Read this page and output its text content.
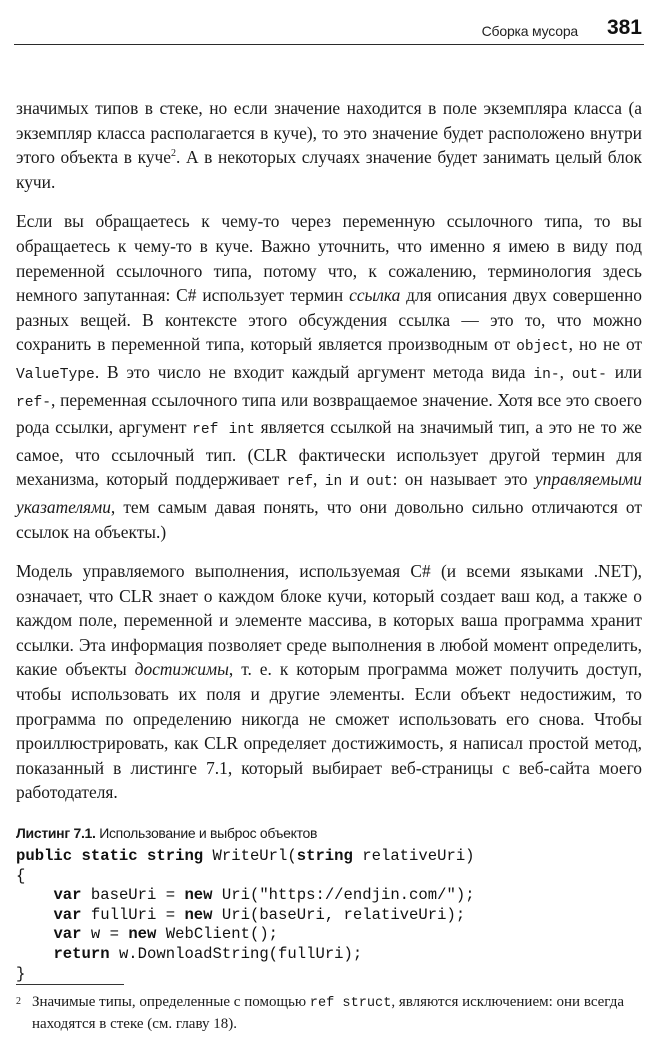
Сборка мусора 381

значимых типов в стеке, но если значение находится в поле экземпляра класса (а экземпляр класса располагается в куче), то это значение будет расположено внутри этого объекта в куче$^2$. А в некоторых случаях значение будет занимать целый блок кучи.

Если вы обращаетесь к чему-то через переменную ссылочного типа, то вы обращаетесь к чему-то в куче. Важно уточнить, что именно я имею в виду под переменной ссылочного типа, потому что, к сожалению, терминология здесь немного запутанная: C# использует термин ссылка для описания двух совершенно разных вещей. В контексте этого обсуждения ссылка — это то, что можно сохранить в переменной типа, который является производным от object, но не от ValueType. В это число не входит каждый аргумент метода вида in-, out- или ref-, переменная ссылочного типа или возвращаемое значение. Хотя все это своего рода ссылки, аргумент ref int является ссылкой на значимый тип, а это не то же самое, что ссылочный тип. (CLR фактически использует другой термин для механизма, который поддерживает ref, in и out: он называет это управляемыми указателями, тем самым давая понять, что они довольно сильно отличаются от ссылок на объекты.)

Модель управляемого выполнения, используемая C# (и всеми языками .NET), означает, что CLR знает о каждом блоке кучи, который создает ваш код, а также о каждом поле, переменной и элементе массива, в которых ваша программа хранит ссылки. Эта информация позволяет среде выполнения в любой момент определить, какие объекты достижимы, т. е. к которым программа может получить доступ, чтобы использовать их поля и другие элементы. Если объект недостижим, то программа по определению никогда не сможет использовать его снова. Чтобы проиллюстрировать, как CLR определяет достижимость, я написал простой метод, показанный в листинге 7.1, который выбирает веб-страницы с веб-сайта моего работодателя.

Листинг 7.1. Использование и выброс объектов
public static string WriteUrl(string relativeUri)
{
var baseUri = new Uri("https://endjin.com/");
var fullUri = new Uri(baseUri, relativeUri);
var w = new WebClient();
return w.DownloadString(fullUri);
}
2 Значимые типы, определенные с помощью ref struct, являются исключением: они всегда находятся в стеке (см. главу 18).
